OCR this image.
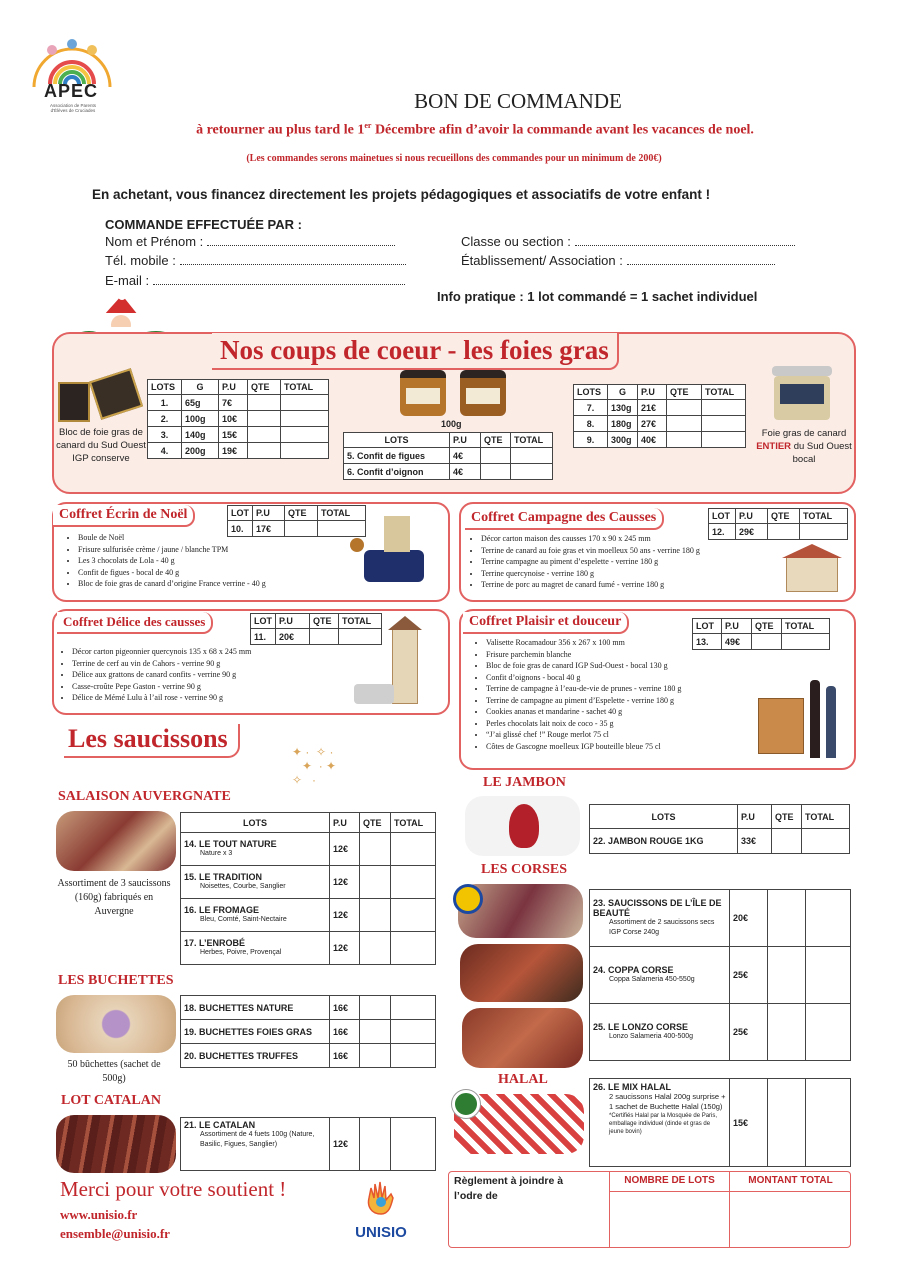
APEC
Association de Parents d'Élèves de Cruciades	BON DE COMMANDE
à retourner au plus tard le 1er Décembre afin d’avoir la commande avant les vacances de noel.
(Les commandes serons mainetues si nous recueillons des commandes pour un minimum de 200€)
En achetant, vous financez directement les projets pédagogiques et associatifs de votre enfant !
COMMANDE EFFECTUÉE PAR :
Nom et Prénom :
Tél. mobile :
E-mail :
Classe ou section :
Établissement/ Association :
Info pratique : 1 lot commandé = 1 sachet individuel
Nos coups de coeur - les foies gras
Bloc de foie gras de canard du Sud Ouest IGP conserve
LOTS	G	P.U	QTE	TOTAL
1.	65g	7€		
2.	100g	10€		
3.	140g	15€		
4.	200g	19€		
100g
LOTS	P.U	QTE	TOTAL
5. Confit de figues	4€		
6. Confit d’oignon	4€		
LOTS	G	P.U	QTE	TOTAL
7.	130g	21€		
8.	180g	27€		
9.	300g	40€		
Foie gras de canard
ENTIER du Sud Ouest bocal
Coffret Écrin de Noël	LOT	P.U	QTE	TOTAL
10.	17€		
• Boule de Noël
• Frisure sulfurisée crème / jaune / blanche TPM
• Les 3 chocolats de Lola - 40 g
• Confit de figues - bocal de 40 g
• Bloc de foie gras de canard d’origine France verrine - 40 g
Coffret Campagne des Causses	LOT	P.U	QTE	TOTAL
12.	29€		
• Décor carton maison des causses 170 x 90 x 245 mm
• Terrine de canard au foie gras et vin moelleux 50 ans - verrine 180 g
• Terrine campagne au piment d’espelette - verrine 180 g
• Terrine quercynoise - verrine 180 g
• Terrine de porc au magret de canard fumé - verrine 180 g
Coffret Délice des causses	LOT	P.U	QTE	TOTAL
11.	20€		
• Décor carton pigeonnier quercynois 135 x 68 x 245 mm
• Terrine de cerf au vin de Cahors - verrine 90 g
• Délice aux grattons de canard confits - verrine 90 g
• Casse-croûte Pepe Gaston - verrine 90 g
• Délice de Mémé Lulu à l’ail rose - verrine 90 g
Coffret Plaisir et douceur	LOT	P.U	QTE	TOTAL
13.	49€		
• Valisette Rocamadour 356 x 267 x 100 mm
• Frisure parchemin blanche
• Bloc de foie gras de canard IGP Sud-Ouest - bocal 130 g
• Confit d’oignons - bocal 40 g
• Terrine de campagne à l’eau-de-vie de prunes - verrine 180 g
• Terrine de campagne au piment d’Espelette - verrine 180 g
• Cookies ananas et mandarine - sachet 40 g
• Perles chocolats lait noix de coco - 35 g
• “J’ai glissé chef !” Rouge merlot 75 cl
• Côtes de Gascogne moelleux IGP bouteille bleue 75 cl
Les saucissons	✦ ·  ✧ ·
✦  · ✦
✧   ·
SALAISON AUVERGNATE
Assortiment de 3 saucissons (160g) fabriqués en Auvergne
LOTS	P.U	QTE	TOTAL
14. LE TOUT NATURE
Nature x 3	12€		
15. LE TRADITION
Noisettes, Courbe, Sanglier	12€		
16. LE FROMAGE
Bleu, Comté, Saint-Nectaire	12€		
17. L’ENROBÉ
Herbes, Poivre, Provençal	12€		
LES BUCHETTES
50 bûchettes (sachet de 500g)
18. BUCHETTES NATURE	16€		
19. BUCHETTES FOIES GRAS	16€		
20. BUCHETTES TRUFFES	16€		
LOT CATALAN
21. LE CATALAN
Assortiment de 4 fuets 100g (Nature, Basilic, Figues, Sanglier)	12€		
LE JAMBON
LOTS	P.U	QTE	TOTAL
22. JAMBON ROUGE 1KG	33€		
LES CORSES
23. SAUCISSONS DE L’ÎLE DE BEAUTÉ
Assortiment de 2 saucissons secs IGP Corse 240g	20€		
24. COPPA CORSE
Coppa Salameria 450-550g	25€		
25. LE LONZO CORSE
Lonzo Salameria 400-500g	25€		
HALAL	26. LE MIX HALAL
2 saucissons Halal 200g surprise + 1 sachet de Buchette Halal (150g)
*Certifiés Halal par la Mosquée de Paris, emballage individuel (dinde et gras de jeune bovin)
	15€		
Merci pour votre soutient !
www.unisio.fr
ensemble@unisio.fr	UNISIO
Règlement à joindre à l’odre de
NOMBRE DE LOTS	MONTANT TOTAL
